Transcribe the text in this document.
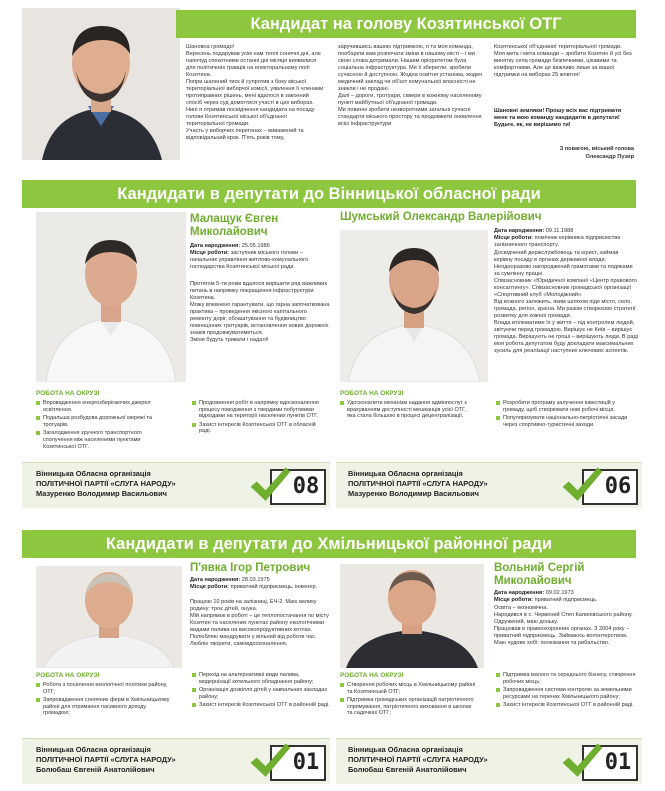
Кандидат на голову Козятинської ОТГ
Шановна громадо!
Вересень подарував усім нам теплі сонячні дні, але напочуд спекотними останні дні місяця виявилися для політичних гравців на електоральному полі Козятина.
Попри шалений тиск й супротив з боку міської територіальної виборчої комісії, уявлення її членами протиправних рішень, мені вдалося в законний спосіб через суд домогтися участі в цих виборах. Нині я отримав посвідчення кандидата на посаду голови Козятинської міської об'єднаної територіальної громади.
Участь у виборчих перегонах – виважений та відповідальний крок. П'ять років тому,
заручившись вашою підтримкою, я та моя команда, пообіцяли вам розпочати зміни в нашому місті – і ми свою слова дотримали. Нашим пріоритетом була соціальна інфраструктура. Ми її зберегли, зробили сучасною й доступною. Жодна освітня установа, жоден медичний заклад чи об'єкт комунальної власності не зникли і не продані.
Далі – дороги, тротуари, сквери в кожному населеному пункті майбутньої об'єднаної громади.
Ми повинні зробити незворотними загальні сучасні стандарти міського простору та продовжити оновлення всієї інфраструктури
Козятинської об'єднаної територіальної громади.
Моя мета і мета команди – зробити Козятин й усі без винятку села громади безпечними, цікавими та комфортними. Але це важливо лише за вашої підтримки на виборах 25 жовтня!
Шановні земляки! Прошу всіх вас підтримати мене та мою команду кандидатів в депутати! Будьте, як, не вирішимо ти!
З повагою, міський голова
Олександр Пузир
Кандидати в депутати до Вінницької обласної ради
Малащук Євген Миколайович
Дата народження: 25.05.1986
Місце роботи: заступник міського голови – начальник управління житлово-комунального господарства Козятинської міської ради.
Протягом 5-ти років вдалося вирішити ряд важливих питань в напрямку покращення інфраструктури Козятина.
Можу впевнено гарантувати, що гарна започаткована практика – проведення якісного капітального ремонту доріг, облаштування та будівництво повноцінних тротуарів, встановлення нових дорожніх знаків продовжуватиметься.
Зміни будуть тривати і надалі!
РОБОТА НА ОКРУЗІ
Впровадження енергозберігаючих джерел освітлення.
Подальша розбудова дорожньої мережі та тротуарів.
Загалодження зручного транспортного сполучення між населеними пунктами Козятинської ОТГ.
Продовження робіт в напрямку вдосконалення процесу поводження з твердими побутовими відходами на території населених пунктів ОТГ.
Захист інтересів Козятинської ОТГ в обласній раді.
Вінницька Обласна організація
ПОЛІТИЧНОЇ ПАРТІЇ «СЛУГА НАРОДУ»
Мазуренко Володимир Васильович	08
Шумський Олександр Валерійович
Дата народження: 09.11.1988
Місце роботи: помічник керівника підприємства залізничного транспорту.
Досвідчений держслужбовець та юрист, займав керівну посаду в органах державної влади. Неодноразово нагороджений грамотами та подяками за сумлінну працю.
Співзасновник «Юридичної компанії «Центр правового консалтингу». Співзасновник громадської організації «Спортивний клуб «Молодіжний».
Від кожного залежить, яким шляхом піде місто, село, громада, регіон, країна. Ми разом створюємо стратегії розвитку для кожної громади.
Влада втілюватиме їх у життя – під контролем людей, звітуючи перед громадою. Вирішує не Київ – вирішує громада. Вирішують не гроші – вирішують люди. В раді моя робота депутатом буду докладати максимальних зусиль для реалізації наступних ключових аспектів.
РОБОТА НА ОКРУЗІ
Удосконалити механізм надання адмінпослуг з врахуванням доступності мешканців усієї ОТГ, яка стала більшою в процесі децентралізації.
Розробити програму залучення інвестицій у громаду, щоб створювати нові робочі місця.
Популяризувати національно-патріотичні засади через спортивно-туристичні заходи.
Вінницька Обласна організація
ПОЛІТИЧНОЇ ПАРТІЇ «СЛУГА НАРОДУ»
Мазуренко Володимир Васильович	06
Кандидати в депутати до Хмільницької районної ради
П'явка Ігор Петрович
Дата народження: 28.03.1975
Місце роботи: приватний підприємець, інженер.
Працюю 10 років на залізниці, ЕЧ-2. Маю велику родину: троє дітей, онука.
Мій напрямок в роботі – це теплопостачання по місту Козятин та населених пунктах району екологічними видами палива на високопродуктивних котлах.
Полюбляю мандрувати у вільний від роботи час. Люблю творити, самовдосконалення.
РОБОТА НА ОКРУЗІ
Робота з посилення екологічної політики району, ОТГ;
Запровадження сонячних ферм в Хмільницькому районі для отримання пасивного доходу громадою;
Перехід на альтернативні види палива, модернізації котельного обладнання району;
Організація дозвілля дітей у навчальних закладах району;
Захист інтересів Козятинської ОТГ в районній раді.
Вінницька Обласна організація
ПОЛІТИЧНОЇ ПАРТІЇ «СЛУГА НАРОДУ»
Болюбаш Євгеній Анатолійович	01
Вольний Сергій Миколайович
Дата народження: 09.02.1973
Місце роботи: приватний підприємець.
Освіта – економічна.
Народився в с. Червоний Степ Калинівського району. Одружений, маю доньку.
Працював в правоохоронних органах. З 2004 року – приватний підприємець. Займаюсь волонтерством.
Маю чудове хобі: полювання та рибальство.
РОБОТА НА ОКРУЗІ
Створення робочих місць в Хмільницькому районі та Козятинській ОТГ;
Підтримка громадських організацій патріотичного спрямування, патріотичного виховання в школах та садочках ОТГ;
Підтримка малого та середнього бізнесу, створення робочих місць;
Запровадження системи контролю за земельними ресурсами на теренах Хмільницького району;
Захист інтересів Козятинської ОТГ в районній раді.
Вінницька Обласна організація
ПОЛІТИЧНОЇ ПАРТІЇ «СЛУГА НАРОДУ»
Болюбаш Євгеній Анатолійович	01
